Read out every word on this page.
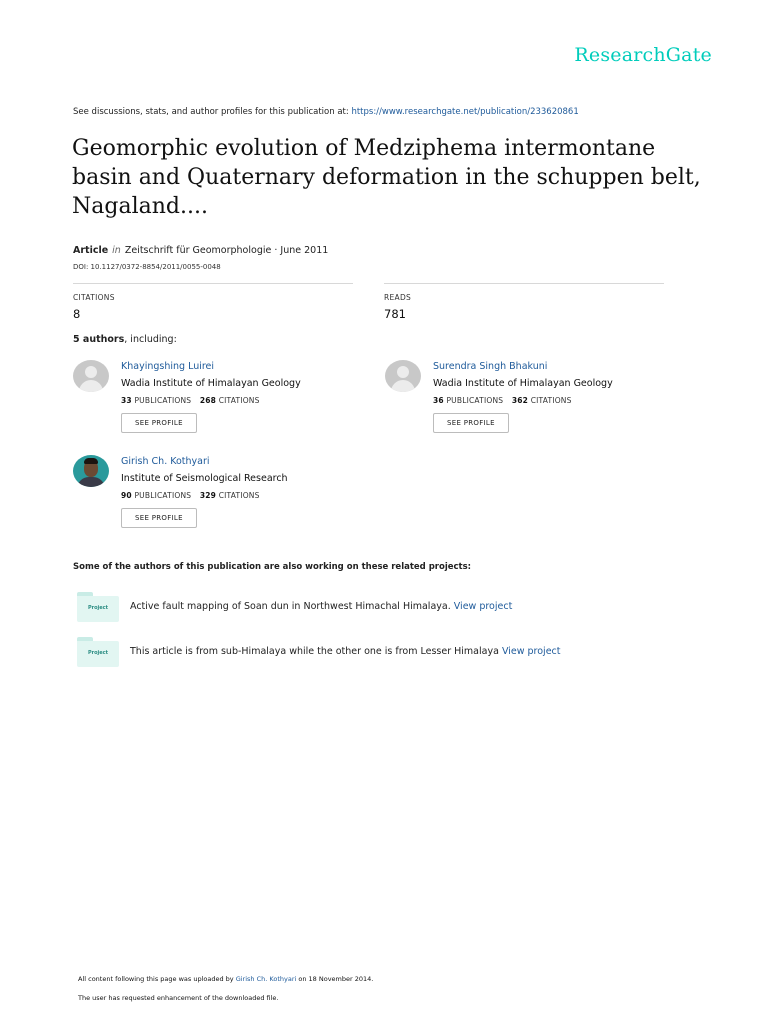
ResearchGate
See discussions, stats, and author profiles for this publication at: https://www.researchgate.net/publication/233620861
Geomorphic evolution of Medziphema intermontane basin and Quaternary deformation in the schuppen belt, Nagaland....
Article in Zeitschrift für Geomorphologie · June 2011
DOI: 10.1127/0372-8854/2011/0055-0048
CITATIONS
8
READS
781
5 authors, including:
Khayingshing Luirei
Wadia Institute of Himalayan Geology
33 PUBLICATIONS 268 CITATIONS
SEE PROFILE
Surendra Singh Bhakuni
Wadia Institute of Himalayan Geology
36 PUBLICATIONS 362 CITATIONS
SEE PROFILE
Girish Ch. Kothyari
Institute of Seismological Research
90 PUBLICATIONS 329 CITATIONS
SEE PROFILE
Some of the authors of this publication are also working on these related projects:
Project	Active fault mapping of Soan dun in Northwest Himachal Himalaya. View project
Project	This article is from sub-Himalaya while the other one is from Lesser Himalaya View project
All content following this page was uploaded by Girish Ch. Kothyari on 18 November 2014.
The user has requested enhancement of the downloaded file.
